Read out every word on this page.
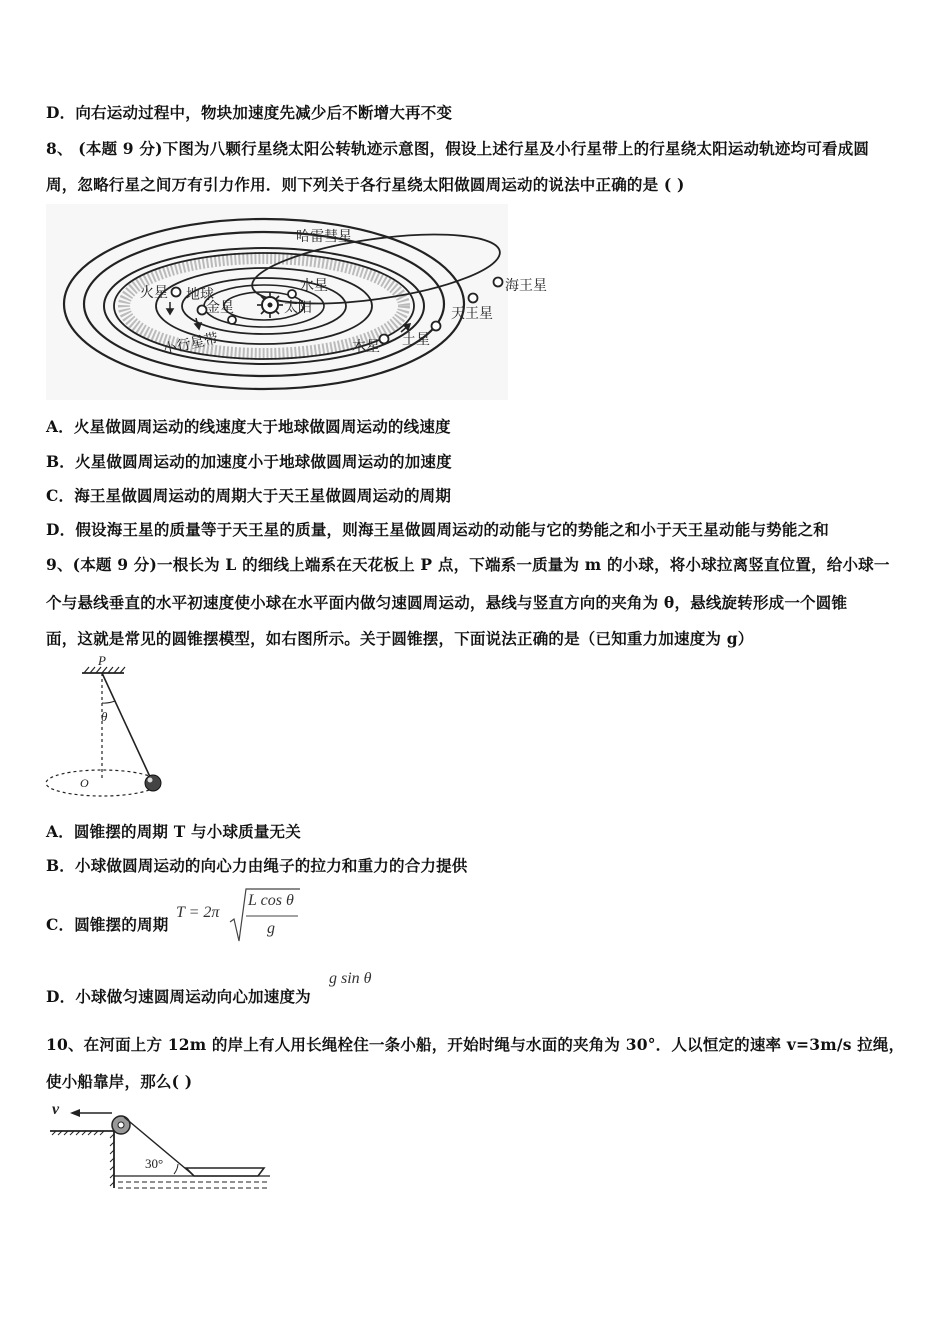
D．向右运动过程中，物块加速度先减少后不断增大再不变
8、 (本题 9 分)下图为八颗行星绕太阳公转轨迹示意图，假设上述行星及小行星带上的行星绕太阳运动轨迹均可看成圆
周，忽略行星之间万有引力作用．则下列关于各行星绕太阳做圆周运动的说法中正确的是 ( )
哈雷彗星
海王星
天王星
土星
木星
火星 地球
金星
水星
太阳
小行星带
A．火星做圆周运动的线速度大于地球做圆周运动的线速度
B．火星做圆周运动的加速度小于地球做圆周运动的加速度
C．海王星做圆周运动的周期大于天王星做圆周运动的周期
D．假设海王星的质量等于天王星的质量，则海王星做圆周运动的动能与它的势能之和小于天王星动能与势能之和
9、(本题 9 分)一根长为 L 的细线上端系在天花板上 P 点，下端系一质量为 m 的小球，将小球拉离竖直位置，给小球一
个与悬线垂直的水平初速度使小球在水平面内做匀速圆周运动，悬线与竖直方向的夹角为 θ，悬线旋转形成一个圆锥
面，这就是常见的圆锥摆模型，如右图所示。关于圆锥摆，下面说法正确的是（已知重力加速度为 g）
P
θ
O
A．圆锥摆的周期 T 与小球质量无关
B．小球做圆周运动的向心力由绳子的拉力和重力的合力提供
C．圆锥摆的周期
T = 2π
L cos θ
g
D．小球做匀速圆周运动向心加速度为
g sin θ
10、在河面上方 12m 的岸上有人用长绳栓住一条小船，开始时绳与水面的夹角为 30°．人以恒定的速率 v=3m/s 拉绳，
使小船靠岸，那么( )
v
30°
